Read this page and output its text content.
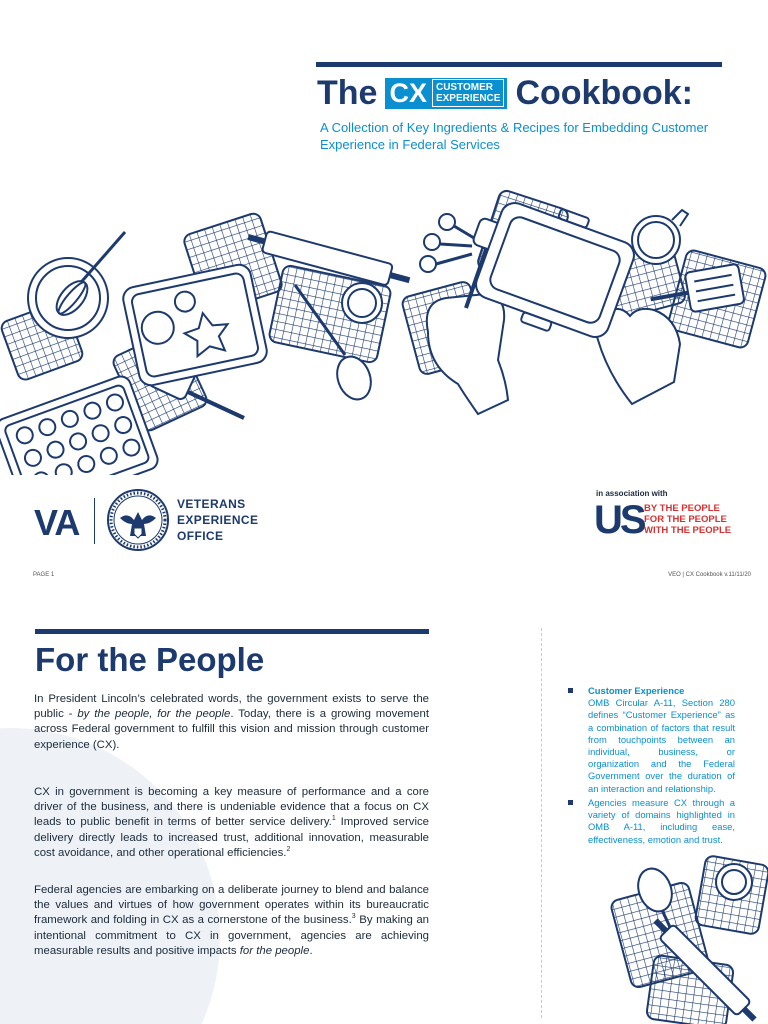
The CX CUSTOMER
EXPERIENCE Cookbook:
A Collection of Key Ingredients & Recipes for Embedding Customer Experience in Federal Services
VA	VETERANS
EXPERIENCE
OFFICE
in association with
US BY THE PEOPLE
FOR THE PEOPLE
WITH THE PEOPLE
PAGE 1	VEO | CX Cookbook v.11/11/20
For the People

In President Lincoln’s celebrated words, the government exists to serve the public - by the people, for the people. Today, there is a growing movement across Federal government to fulfill this vision and mission through customer experience (CX).

CX in government is becoming a key measure of performance and a core driver of the business, and there is undeniable evidence that a focus on CX leads to public benefit in terms of better service delivery.$^1$ Improved service delivery directly leads to increased trust, additional innovation, measurable cost avoidance, and other operational efficiencies.$^2$

Federal agencies are embarking on a deliberate journey to blend and balance the values and virtues of how government operates within its bureaucratic framework and folding in CX as a cornerstone of the business.$^3$ By making an intentional commitment to CX in government, agencies are achieving measurable results and positive impacts for the people.

Customer Experience
OMB Circular A-11, Section 280 defines “Customer Experience” as a combination of factors that result from touchpoints between an individual, business, or organization and the Federal Government over the duration of an interaction and relationship.
Agencies measure CX through a variety of domains highlighted in OMB A-11, including ease, effectiveness, emotion and trust.
